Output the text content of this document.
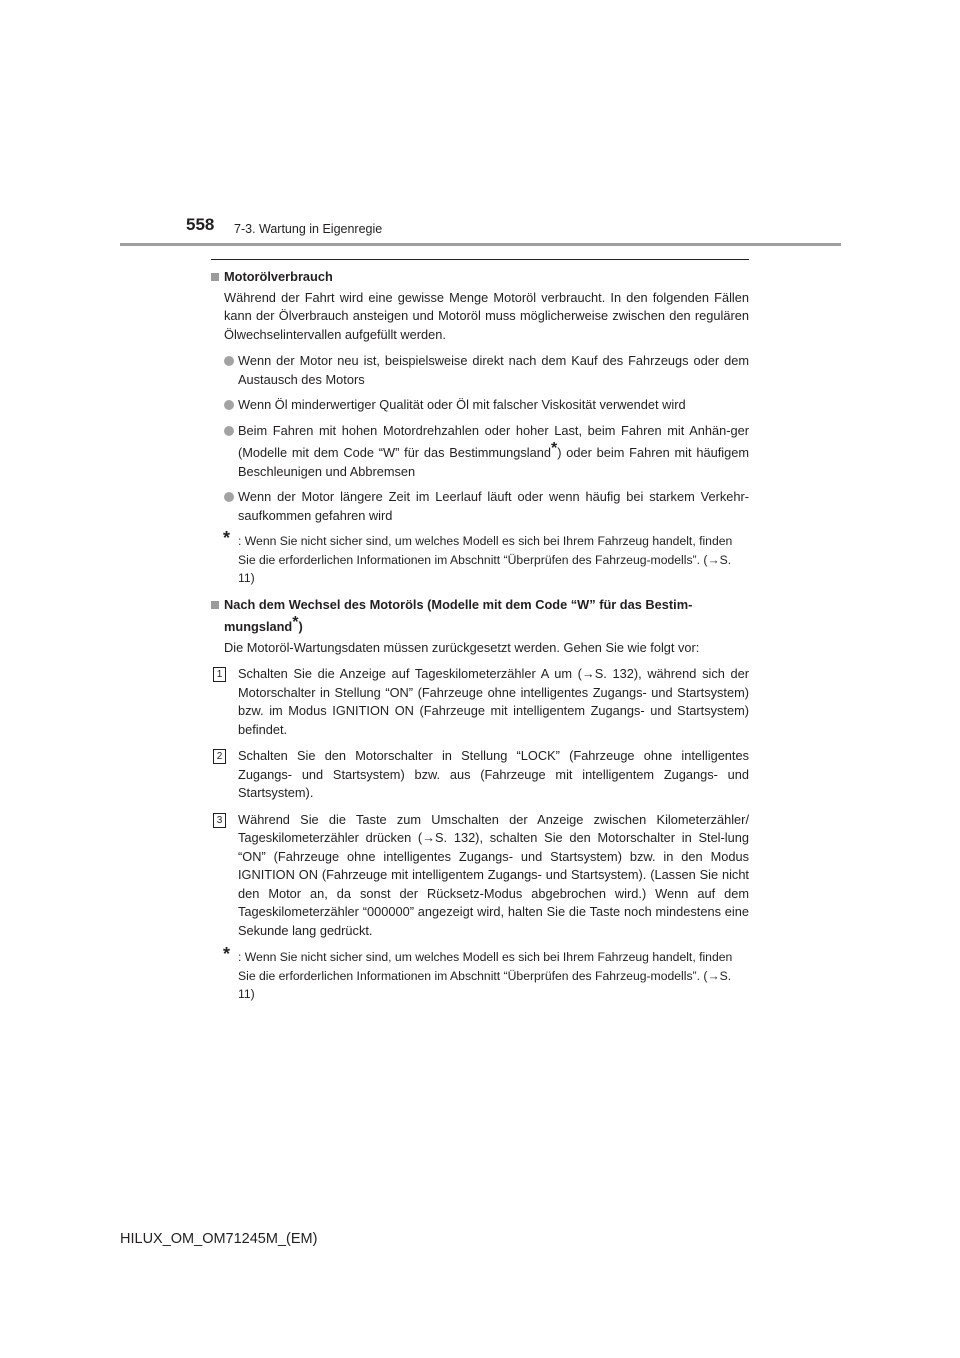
558 7-3. Wartung in Eigenregie
Motorölverbrauch
Während der Fahrt wird eine gewisse Menge Motoröl verbraucht. In den folgenden Fällen kann der Ölverbrauch ansteigen und Motoröl muss möglicherweise zwischen den regulären Ölwechselintervallen aufgefüllt werden.
Wenn der Motor neu ist, beispielsweise direkt nach dem Kauf des Fahrzeugs oder dem Austausch des Motors
Wenn Öl minderwertiger Qualität oder Öl mit falscher Viskosität verwendet wird
Beim Fahren mit hohen Motordrehzahlen oder hoher Last, beim Fahren mit Anhän-ger (Modelle mit dem Code “W” für das Bestimmungsland*) oder beim Fahren mit häufigem Beschleunigen und Abbremsen
Wenn der Motor längere Zeit im Leerlauf läuft oder wenn häufig bei starkem Verkehr-saufkommen gefahren wird
* : Wenn Sie nicht sicher sind, um welches Modell es sich bei Ihrem Fahrzeug handelt, finden Sie die erforderlichen Informationen im Abschnitt “Überprüfen des Fahrzeug-modells”. (→S. 11)
Nach dem Wechsel des Motoröls (Modelle mit dem Code “W” für das Bestim-mungsland*)
Die Motoröl-Wartungsdaten müssen zurückgesetzt werden. Gehen Sie wie folgt vor:
1 Schalten Sie die Anzeige auf Tageskilometerzähler A um (→S. 132), während sich der Motorschalter in Stellung “ON” (Fahrzeuge ohne intelligentes Zugangs- und Startsystem) bzw. im Modus IGNITION ON (Fahrzeuge mit intelligentem Zugangs- und Startsystem) befindet.
2 Schalten Sie den Motorschalter in Stellung “LOCK” (Fahrzeuge ohne intelligentes Zugangs- und Startsystem) bzw. aus (Fahrzeuge mit intelligentem Zugangs- und Startsystem).
3 Während Sie die Taste zum Umschalten der Anzeige zwischen Kilometerzähler/ Tageskilometerzähler drücken (→S. 132), schalten Sie den Motorschalter in Stel-lung “ON” (Fahrzeuge ohne intelligentes Zugangs- und Startsystem) bzw. in den Modus IGNITION ON (Fahrzeuge mit intelligentem Zugangs- und Startsystem). (Lassen Sie nicht den Motor an, da sonst der Rücksetz-Modus abgebrochen wird.) Wenn auf dem Tageskilometerzähler “000000” angezeigt wird, halten Sie die Taste noch mindestens eine Sekunde lang gedrückt.
* : Wenn Sie nicht sicher sind, um welches Modell es sich bei Ihrem Fahrzeug handelt, finden Sie die erforderlichen Informationen im Abschnitt “Überprüfen des Fahrzeug-modells”. (→S. 11)
HILUX_OM_OM71245M_(EM)
